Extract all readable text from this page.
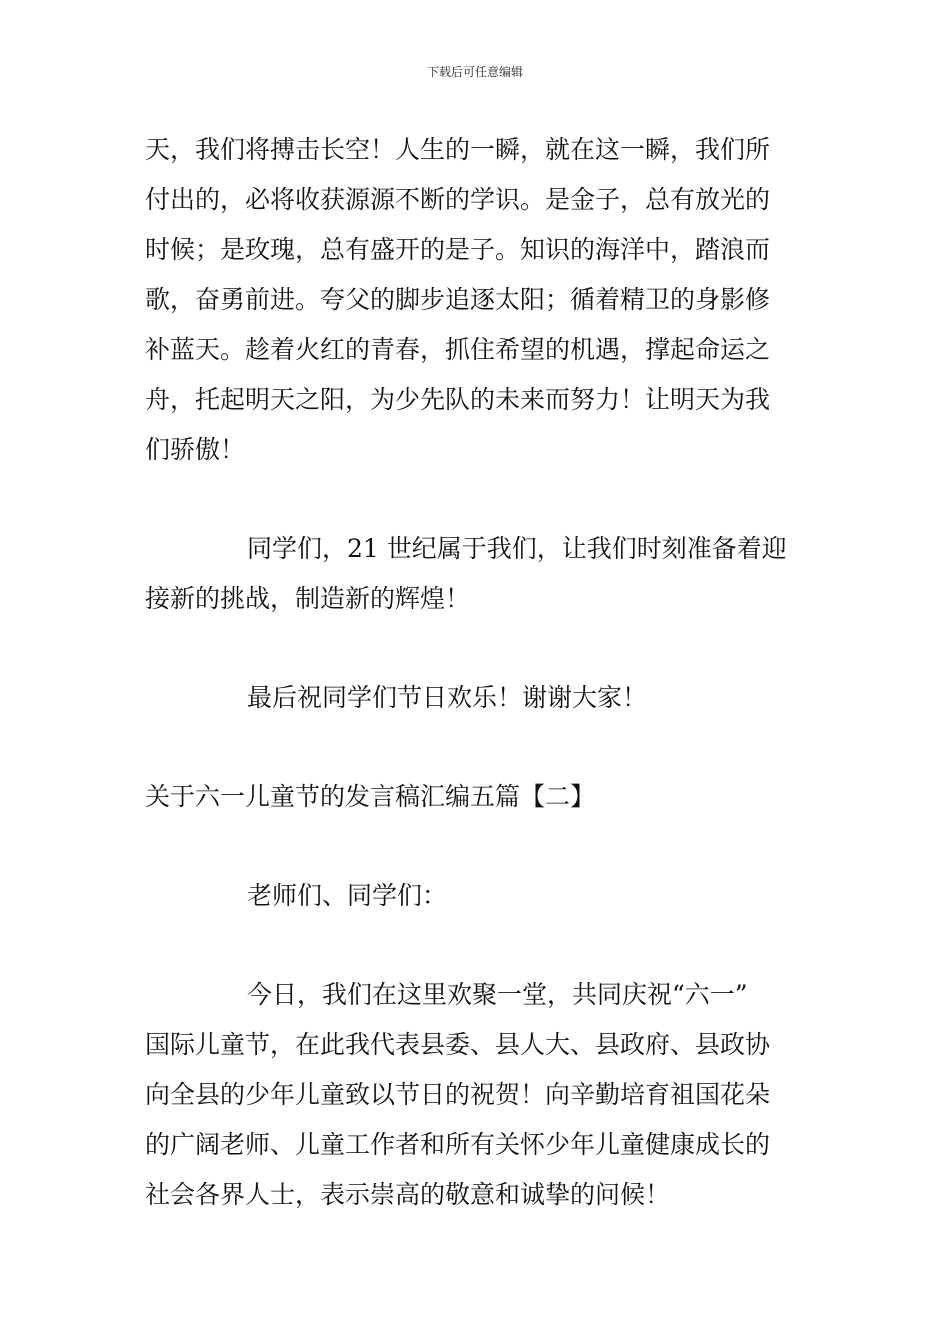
下载后可任意编辑
天，我们将搏击长空！人生的一瞬，就在这一瞬，我们所
付出的，必将收获源源不断的学识。是金子，总有放光的
时候；是玫瑰，总有盛开的是子。知识的海洋中，踏浪而
歌，奋勇前进。夸父的脚步追逐太阳；循着精卫的身影修
补蓝天。趁着火红的青春，抓住希望的机遇，撑起命运之
舟，托起明天之阳，为少先队的未来而努力！让明天为我
们骄傲！
同学们，21 世纪属于我们，让我们时刻准备着迎
接新的挑战，制造新的辉煌！
最后祝同学们节日欢乐！谢谢大家！
关于六一儿童节的发言稿汇编五篇【二】
老师们、同学们：
今日，我们在这里欢聚一堂，共同庆祝“六一”
国际儿童节，在此我代表县委、县人大、县政府、县政协
向全县的少年儿童致以节日的祝贺！向辛勤培育祖国花朵
的广阔老师、儿童工作者和所有关怀少年儿童健康成长的
社会各界人士，表示崇高的敬意和诚挚的问候！
